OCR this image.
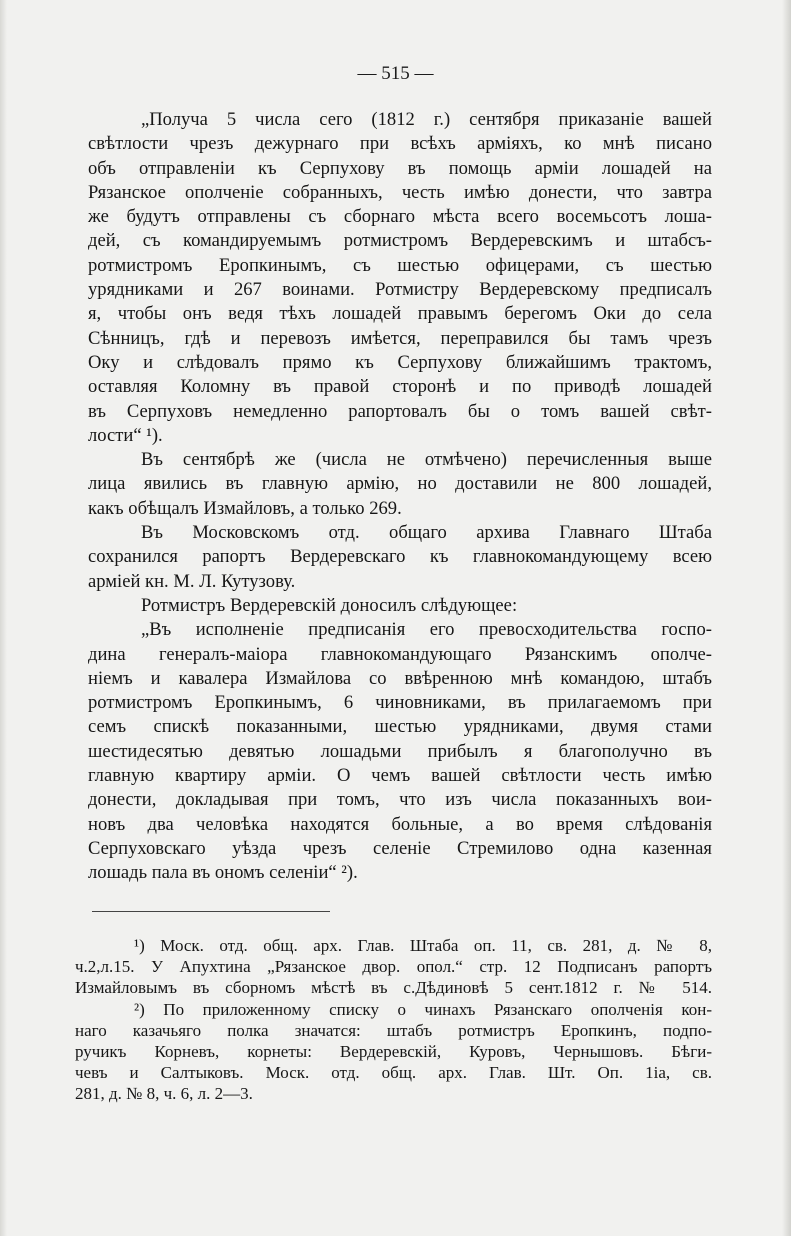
— 515 —

„Получа 5 числа сего (1812 г.) сентября приказаніе вашей

свѣтлости чрезъ дежурнаго при всѣхъ арміяхъ, ко мнѣ писано

объ отправленіи къ Серпухову въ помощь арміи лошадей на

Рязанское ополченіе собранныхъ, честь имѣю донести, что завтра

же будутъ отправлены съ сборнаго мѣста всего восемьсотъ лоша-

дей, съ командируемымъ ротмистромъ Вердеревскимъ и штабсъ-

ротмистромъ Еропкинымъ, съ шестью офицерами, съ шестью

урядниками и 267 воинами. Ротмистру Вердеревскому предписалъ

я, чтобы онъ ведя тѣхъ лошадей правымъ берегомъ Оки до села

Сѣнницъ, гдѣ и перевозъ имѣется, переправился бы тамъ чрезъ

Оку и слѣдовалъ прямо къ Серпухову ближайшимъ трактомъ,

оставляя Коломну въ правой сторонѣ и по приводѣ лошадей

въ Серпуховъ немедленно рапортовалъ бы о томъ вашей свѣт-

лости“ ¹).

Въ сентябрѣ же (числа не отмѣчено) перечисленныя выше

лица явились въ главную армію, но доставили не 800 лошадей,

какъ обѣщалъ Измайловъ, а только 269.

Въ Московскомъ отд. общаго архива Главнаго Штаба

сохранился рапортъ Вердеревскаго къ главнокомандующему всею

арміей кн. М. Л. Кутузову.

Ротмистръ Вердеревскій доносилъ слѣдующее:

„Въ исполненіе предписанія его превосходительства госпо-

дина генералъ-маіора главнокомандующаго Рязанскимъ ополче-

ніемъ и кавалера Измайлова со ввѣренною мнѣ командою, штабъ

ротмистромъ Еропкинымъ, 6 чиновниками, въ прилагаемомъ при

семъ спискѣ показанными, шестью урядниками, двумя стами

шестидесятью девятью лошадьми прибылъ я благополучно въ

главную квартиру арміи. О чемъ вашей свѣтлости честь имѣю

донести, докладывая при томъ, что изъ числа показанныхъ вои-

новъ два человѣка находятся больные, а во время слѣдованія

Серпуховскаго уѣзда чрезъ селеніе Стремилово одна казенная

лошадь пала въ ономъ селеніи“ ²).

¹) Моск. отд. общ. арх. Глав. Штаба оп. 11, св. 281, д. № 8,

ч.2,л.15. У Апухтина „Рязанское двор. опол.“ стр. 12 Подписанъ рапортъ

Измайловымъ въ сборномъ мѣстѣ въ с.Дѣдиновѣ 5 сент.1812 г. № 514.

²) По приложенному списку о чинахъ Рязанскаго ополченія кон-

наго казачьяго полка значатся: штабъ ротмистръ Еропкинъ, подпо-

ручикъ Корневъ, корнеты: Вердеревскій, Куровъ, Чернышовъ. Бѣги-

чевъ и Салтыковъ. Моск. отд. общ. арх. Глав. Шт. Оп. 1іа, св.

281, д. № 8, ч. 6, л. 2—3.
